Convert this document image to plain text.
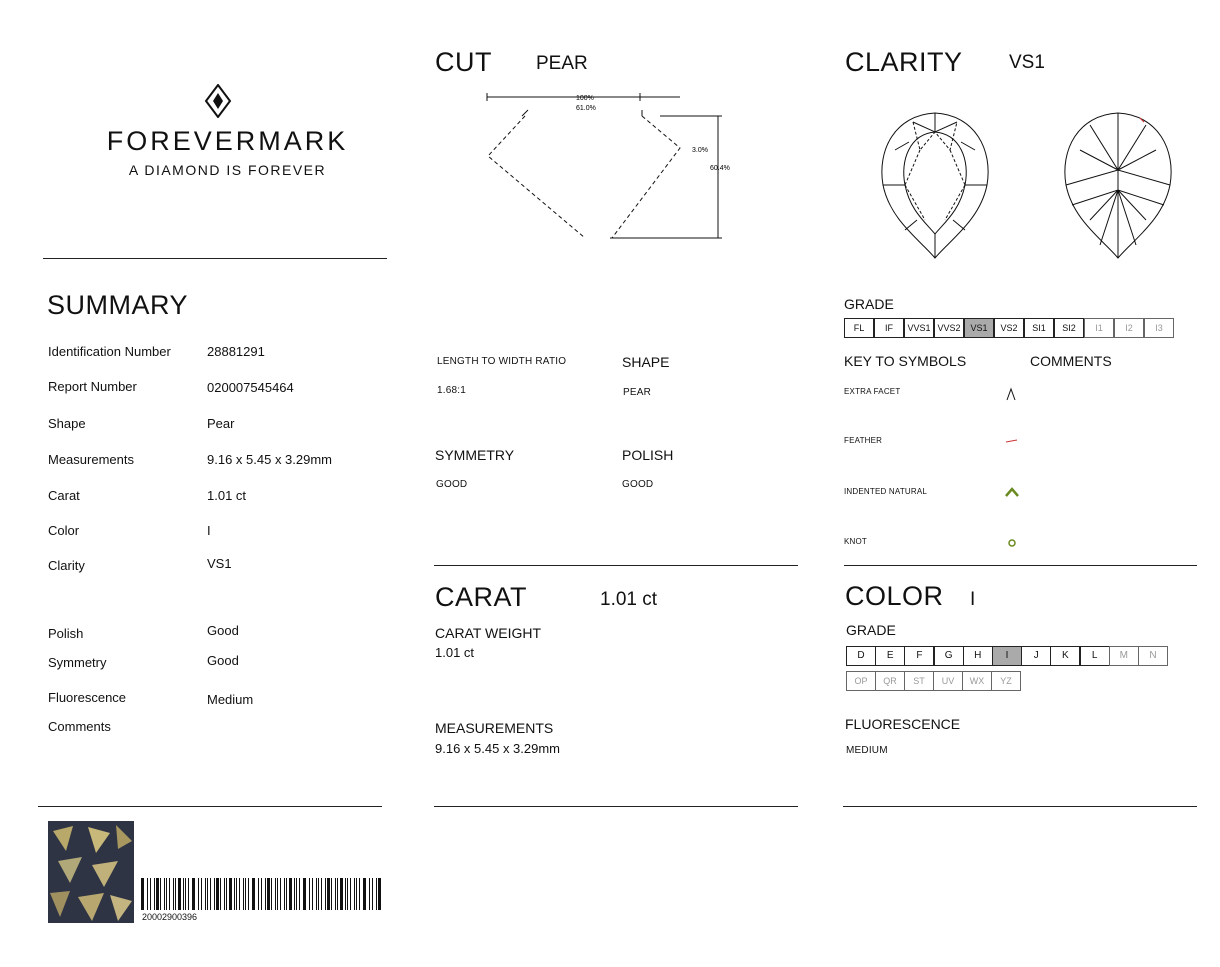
FOREVERMARK
A DIAMOND IS FOREVER
SUMMARY
Identification Number	28881291
Report Number	020007545464
Shape	Pear
Measurements	9.16 x 5.45 x 3.29mm
Carat	1.01 ct
Color	I
Clarity	VS1
Polish	Good
Symmetry	Good
Fluorescence	Medium
Comments
20002900396
CUT PEAR
100%
61.0%
3.0%
60.4%
LENGTH TO WIDTH RATIO
1.68:1
SHAPE
PEAR
SYMMETRY
GOOD
POLISH
GOOD
CARAT	1.01 ct
CARAT WEIGHT
1.01 ct
MEASUREMENTS
9.16 x 5.45 x 3.29mm
CLARITY VS1
GRADE
FL	IF	VVS1 VVS2	VS1	VS2	SI1	SI2	I1	I2	I3
KEY TO SYMBOLS	COMMENTS
EXTRA FACET
FEATHER
INDENTED NATURAL
KNOT
COLOR I
GRADE
D	E	F	G	H	I	J	K	L	M	N
OP	QR	ST	UV	WX	YZ
FLUORESCENCE
MEDIUM
